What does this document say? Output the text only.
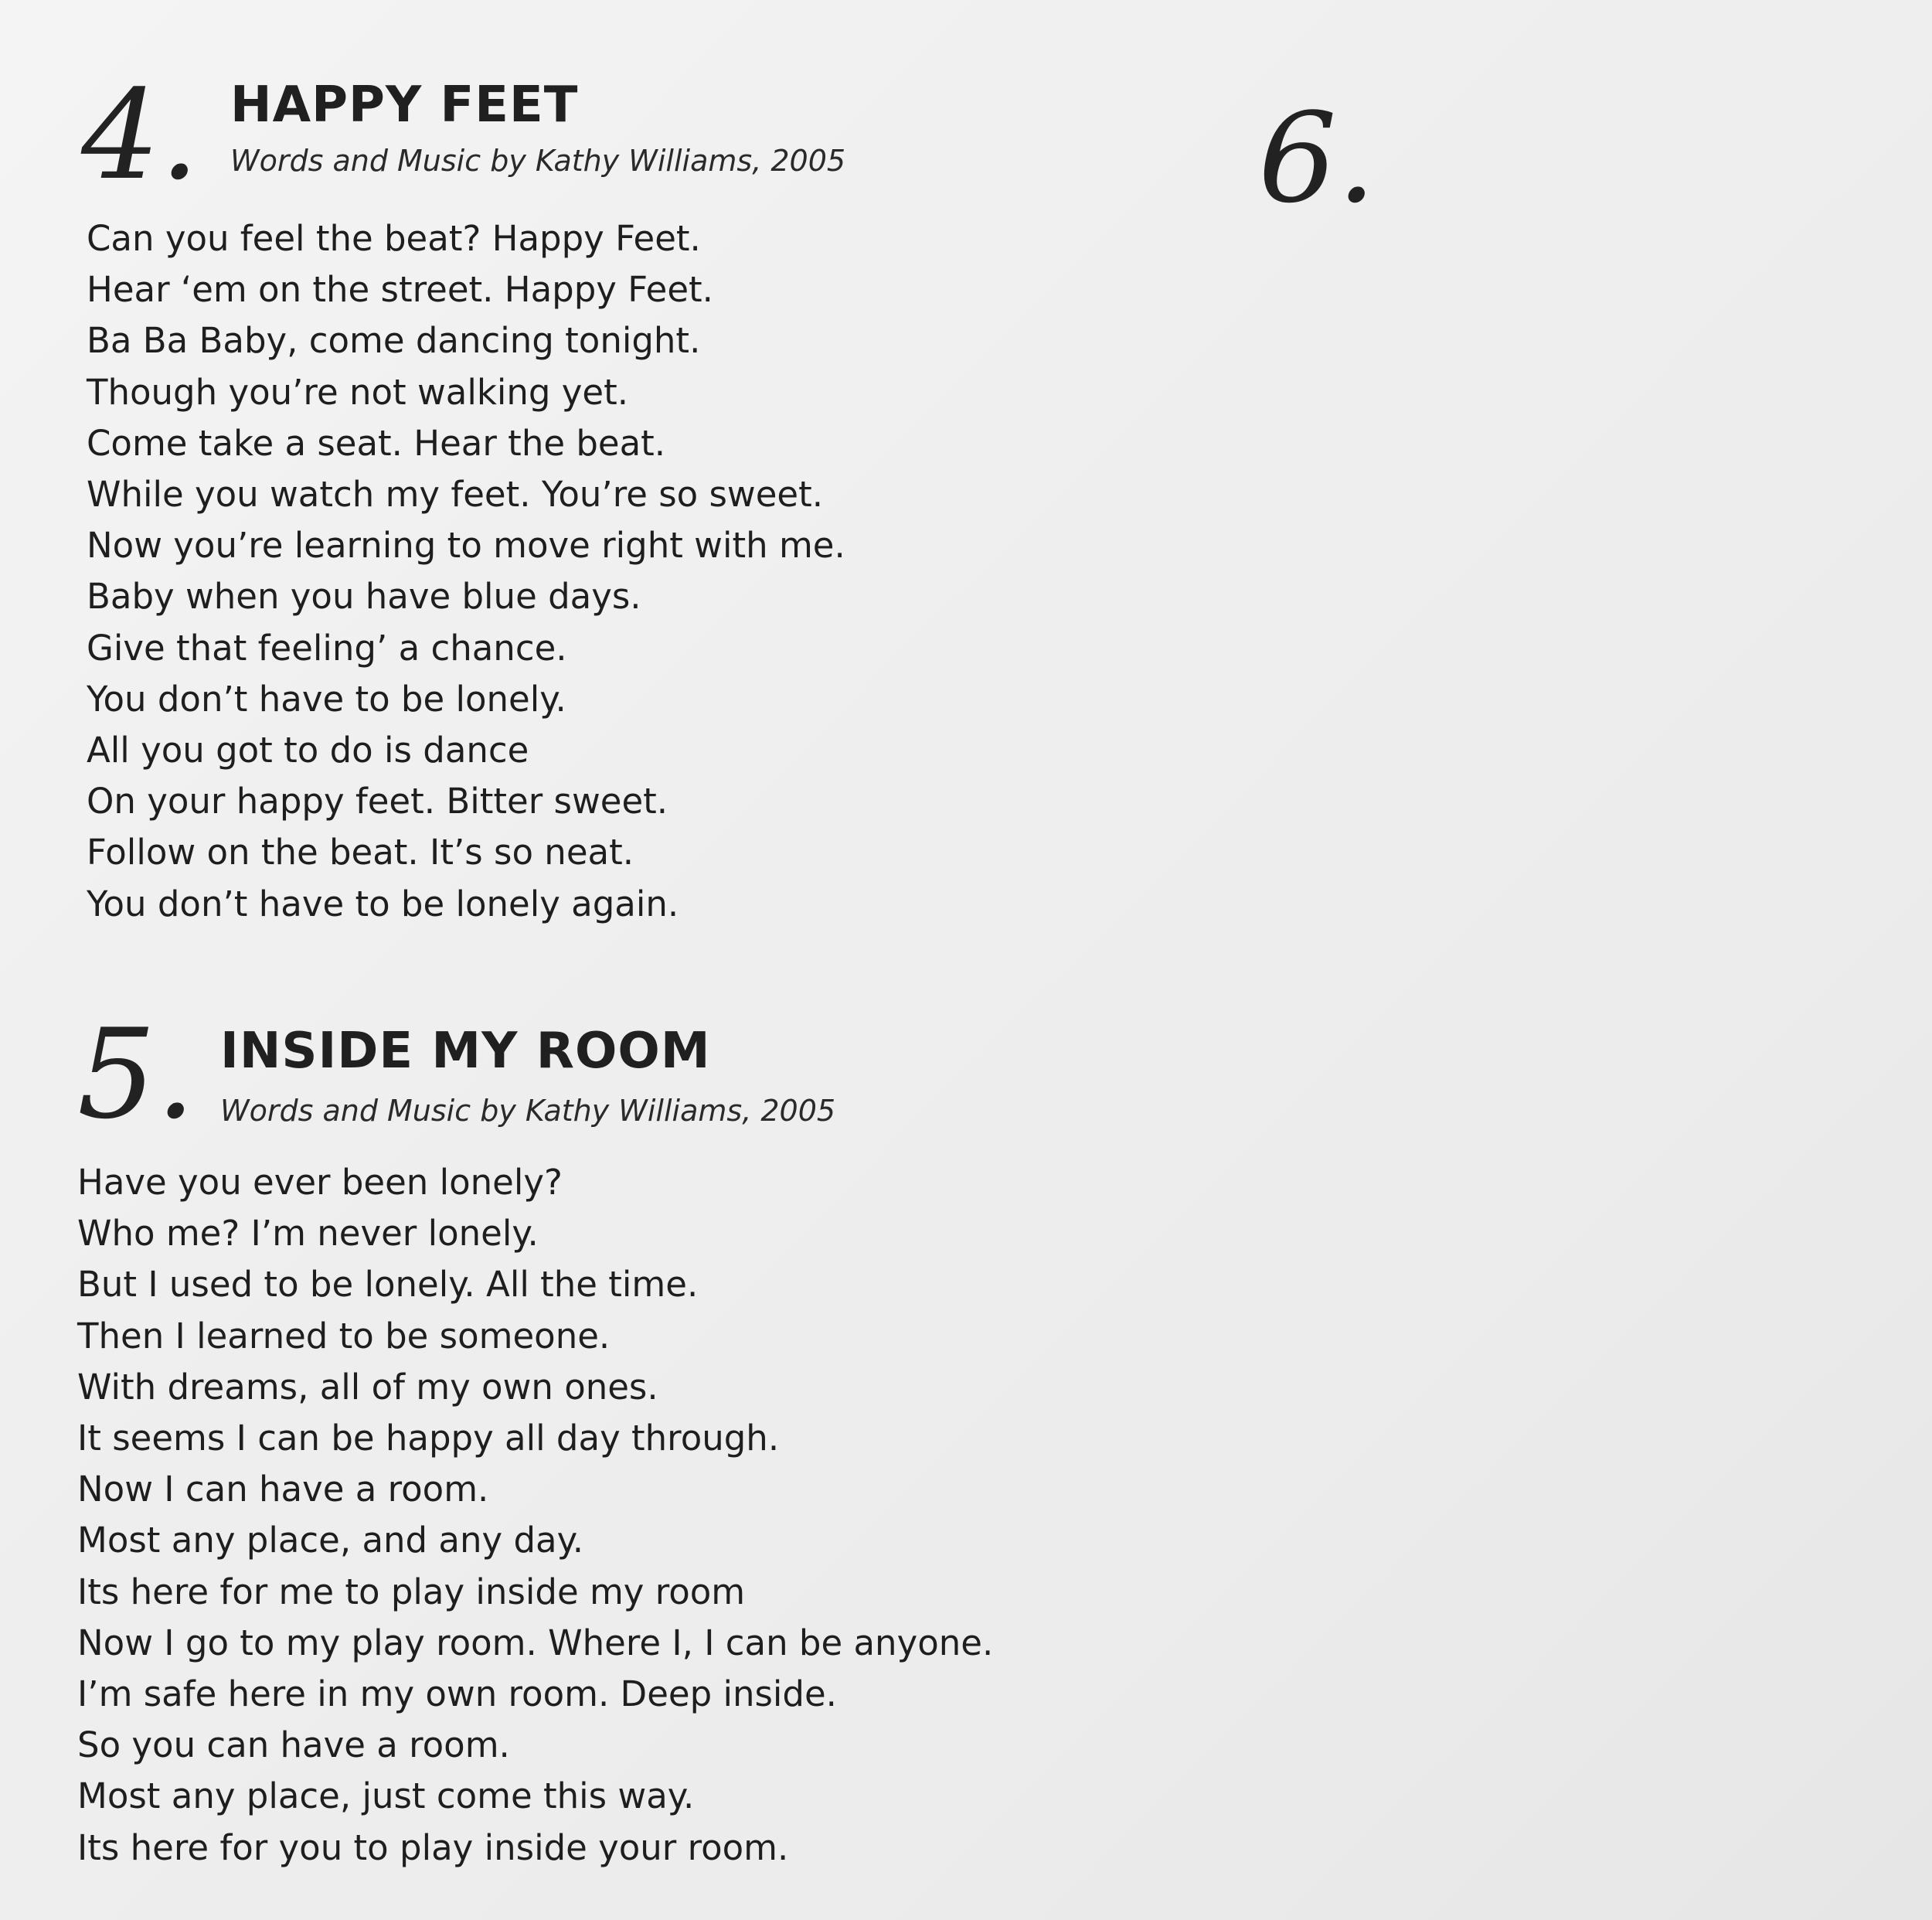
4. HAPPY FEET
Words and Music by Kathy Williams, 2005
Can you feel the beat? Happy Feet.
Hear ‘em on the street. Happy Feet.
Ba Ba Baby, come dancing tonight.
Though you’re not walking yet.
Come take a seat. Hear the beat.
While you watch my feet. You’re so sweet.
Now you’re learning to move right with me.
Baby when you have blue days.
Give that feeling’ a chance.
You don’t have to be lonely.
All you got to do is dance
On your happy feet. Bitter sweet.
Follow on the beat. It’s so neat.
You don’t have to be lonely again.
5. INSIDE MY ROOM
Words and Music by Kathy Williams, 2005
Have you ever been lonely?
Who me? I’m never lonely.
But I used to be lonely. All the time.
Then I learned to be someone.
With dreams, all of my own ones.
It seems I can be happy all day through.
Now I can have a room.
Most any place, and any day.
Its here for me to play inside my room
Now I go to my play room. Where I, I can be anyone.
I’m safe here in my own room. Deep inside.
So you can have a room.
Most any place, just come this way.
Its here for you to play inside your room.
6.
